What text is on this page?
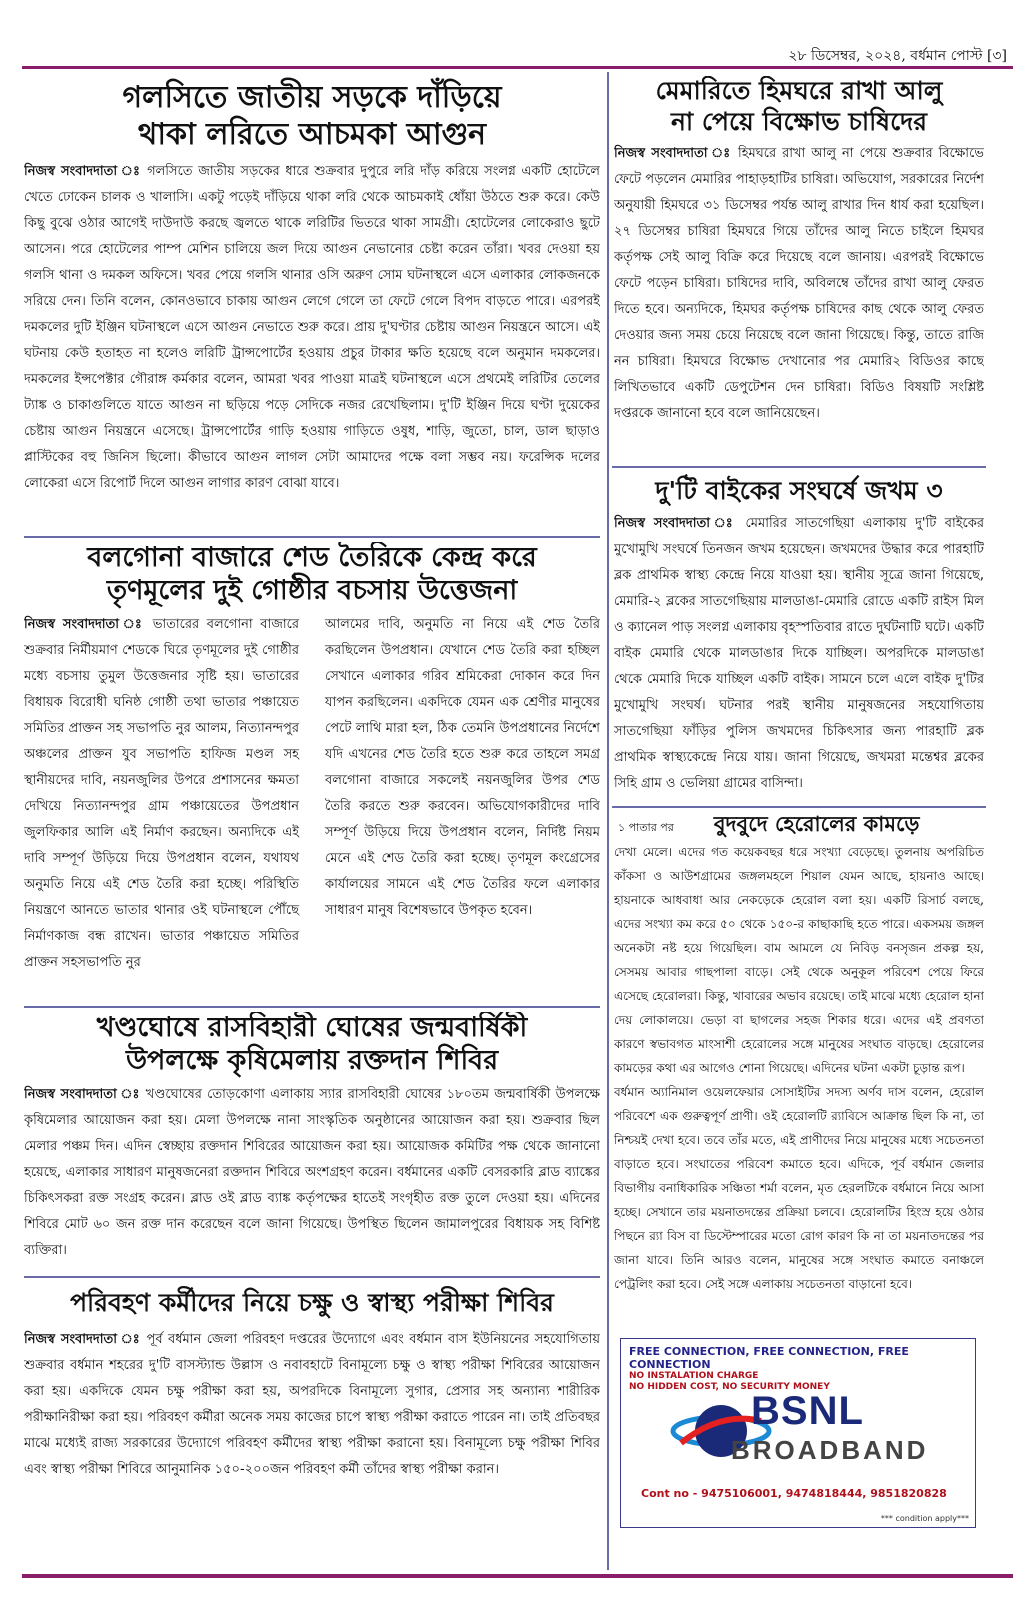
২৮ ডিসেম্বর, ২০২৪, বর্ধমান পোস্ট [৩]
গলসিতে জাতীয় সড়কে দাঁড়িয়ে
থাকা লরিতে আচমকা আগুন
নিজস্ব সংবাদদাতা ঃ গলসিতে জাতীয় সড়কের ধারে শুক্রবার দুপুরে লরি দাঁড় করিয়ে সংলগ্ন একটি হোটেলে খেতে ঢোকেন চালক ও খালাসি। একটু পড়েই দাঁড়িয়ে থাকা লরি থেকে আচমকাই ধোঁয়া উঠতে শুরু করে। কেউ কিছু বুঝে ওঠার আগেই দাউদাউ করছে জ্বলতে থাকে লরিটির ভিতরে থাকা সামগ্রী। হোটেলের লোকেরাও ছুটে আসেন। পরে হোটেলের পাম্প মেশিন চালিয়ে জল দিয়ে আগুন নেভানোর চেষ্টা করেন তাঁরা। খবর দেওয়া হয় গলসি থানা ও দমকল অফিসে। খবর পেয়ে গলসি থানার ওসি অরুণ সোম ঘটনাস্থলে এসে এলাকার লোকজনকে সরিয়ে দেন। তিনি বলেন, কোনওভাবে চাকায় আগুন লেগে গেলে তা ফেটে গেলে বিপদ বাড়তে পারে। এরপরই দমকলের দুটি ইঞ্জিন ঘটনাস্থলে এসে আগুন নেভাতে শুরু করে। প্রায় দু'ঘণ্টার চেষ্টায় আগুন নিয়ন্ত্রনে আসে। এই ঘটনায় কেউ হতাহত না হলেও লরিটি ট্রান্সপোর্টের হওয়ায় প্রচুর টাকার ক্ষতি হয়েছে বলে অনুমান দমকলের। দমকলের ইন্সপেক্টার গৌরাঙ্গ কর্মকার বলেন, আমরা খবর পাওয়া মাত্রই ঘটনাস্থলে এসে প্রথমেই লরিটির তেলের ট্যাঙ্ক ও চাকাগুলিতে যাতে আগুন না ছড়িয়ে পড়ে সেদিকে নজর রেখেছিলাম। দু'টি ইঞ্জিন দিয়ে ঘণ্টা দুয়েকের চেষ্টায় আগুন নিয়ন্ত্রনে এসেছে। ট্রান্সপোর্টের গাড়ি হওয়ায় গাড়িতে ওষুধ, শাড়ি, জুতো, চাল, ডাল ছাড়াও প্লাস্টিকের বহু জিনিস ছিলো। কীভাবে আগুন লাগল সেটা আমাদের পক্ষে বলা সম্ভব নয়। ফরেন্সিক দলের লোকেরা এসে রিপোর্ট দিলে আগুন লাগার কারণ বোঝা যাবে।
বলগোনা বাজারে শেড তৈরিকে কেন্দ্র করে
তৃণমূলের দুই গোষ্ঠীর বচসায় উত্তেজনা
নিজস্ব সংবাদদাতা ঃ ভাতারের বলগোনা বাজারে শুক্রবার নির্মীয়মাণ শেডকে ঘিরে তৃণমূলের দুই গোষ্ঠীর মধ্যে বচসায় তুমুল উত্তেজনার সৃষ্টি হয়। ভাতারের বিধায়ক বিরোধী ঘনিষ্ঠ গোষ্ঠী তথা ভাতার পঞ্চায়েত সমিতির প্রাক্তন সহ সভাপতি নুর আলম, নিত্যানন্দপুর অঞ্চলের প্রাক্তন যুব সভাপতি হাফিজ মণ্ডল সহ স্থানীয়দের দাবি, নয়নজুলির উপরে প্রশাসনের ক্ষমতা দেখিয়ে নিত্যানন্দপুর গ্রাম পঞ্চায়েতের উপপ্রধান জুলফিকার আলি এই নির্মাণ করছেন। অন্যদিকে এই দাবি সম্পূর্ণ উড়িয়ে দিয়ে উপপ্রধান বলেন, যথাযথ অনুমতি নিয়ে এই শেড তৈরি করা হচ্ছে। পরিস্থিতি নিয়ন্ত্রণে আনতে ভাতার থানার ওই ঘটনাস্থলে পৌঁছে নির্মাণকাজ বন্ধ রাখেন। ভাতার পঞ্চায়েত সমিতির প্রাক্তন সহসভাপতি নুর
আলমের দাবি, অনুমতি না নিয়ে এই শেড তৈরি করছিলেন উপপ্রধান। যেখানে শেড তৈরি করা হচ্ছিল সেখানে এলাকার গরিব শ্রমিকেরা দোকান করে দিন যাপন করছিলেন। একদিকে যেমন এক শ্রেণীর মানুষের পেটে লাথি মারা হল, ঠিক তেমনি উপপ্রধানের নির্দেশে যদি এখনের শেড তৈরি হতে শুরু করে তাহলে সমগ্র বলগোনা বাজারে সকলেই নয়নজুলির উপর শেড তৈরি করতে শুরু করবেন। অভিযোগকারীদের দাবি সম্পূর্ণ উড়িয়ে দিয়ে উপপ্রধান বলেন, নির্দিষ্ট নিয়ম মেনে এই শেড তৈরি করা হচ্ছে। তৃণমূল কংগ্রেসের কার্যালয়ের সামনে এই শেড তৈরির ফলে এলাকার সাধারণ মানুষ বিশেষভাবে উপকৃত হবেন।
খণ্ডঘোষে রাসবিহারী ঘোষের জন্মবার্ষিকী
উপলক্ষে কৃষিমেলায় রক্তদান শিবির
নিজস্ব সংবাদদাতা ঃ খণ্ডঘোষের তোড়কোণা এলাকায় স্যার রাসবিহারী ঘোষের ১৮০তম জন্মবার্ষিকী উপলক্ষে কৃষিমেলার আয়োজন করা হয়। মেলা উপলক্ষে নানা সাংস্কৃতিক অনুষ্ঠানের আয়োজন করা হয়। শুক্রবার ছিল মেলার পঞ্চম দিন। এদিন স্বেচ্ছায় রক্তদান শিবিরের আয়োজন করা হয়। আয়োজক কমিটির পক্ষ থেকে জানানো হয়েছে, এলাকার সাধারণ মানুষজনেরা রক্তদান শিবিরে অংশগ্রহণ করেন। বর্ধমানের একটি বেসরকারি ব্লাড ব্যাঙ্কের চিকিৎসকরা রক্ত সংগ্রহ করেন। ব্লাড ওই ব্লাড ব্যাঙ্ক কর্তৃপক্ষের হাতেই সংগৃহীত রক্ত তুলে দেওয়া হয়। এদিনের শিবিরে মোট ৬০ জন রক্ত দান করেছেন বলে জানা গিয়েছে। উপস্থিত ছিলেন জামালপুরের বিধায়ক সহ বিশিষ্ট ব্যক্তিরা।
পরিবহণ কর্মীদের নিয়ে চক্ষু ও স্বাস্থ্য পরীক্ষা শিবির
নিজস্ব সংবাদদাতা ঃ পূর্ব বর্ধমান জেলা পরিবহণ দপ্তরের উদ্যোগে এবং বর্ধমান বাস ইউনিয়নের সহযোগিতায় শুক্রবার বর্ধমান শহরের দু'টি বাসস্ট্যান্ড উল্লাস ও নবাবহাটে বিনামূল্যে চক্ষু ও স্বাস্থ্য পরীক্ষা শিবিরের আয়োজন করা হয়। একদিকে যেমন চক্ষু পরীক্ষা করা হয়, অপরদিকে বিনামূল্যে সুগার, প্রেসার সহ অন্যান্য শারীরিক পরীক্ষানিরীক্ষা করা হয়। পরিবহণ কর্মীরা অনেক সময় কাজের চাপে স্বাস্থ্য পরীক্ষা করাতে পারেন না। তাই প্রতিবছর মাঝে মধ্যেই রাজ্য সরকারের উদ্যোগে পরিবহণ কর্মীদের স্বাস্থ্য পরীক্ষা করানো হয়। বিনামূল্যে চক্ষু পরীক্ষা শিবির এবং স্বাস্থ্য পরীক্ষা শিবিরে আনুমানিক ১৫০-২০০জন পরিবহণ কর্মী তাঁদের স্বাস্থ্য পরীক্ষা করান।
মেমারিতে হিমঘরে রাখা আলু
না পেয়ে বিক্ষোভ চাষিদের
নিজস্ব সংবাদদাতা ঃ হিমঘরে রাখা আলু না পেয়ে শুক্রবার বিক্ষোভে ফেটে পড়লেন মেমারির পাহাড়হাটির চাষিরা। অভিযোগ, সরকারের নির্দেশ অনুযায়ী হিমঘরে ৩১ ডিসেম্বর পর্যন্ত আলু রাখার দিন ধার্য করা হয়েছিল। ২৭ ডিসেম্বর চাষিরা হিমঘরে গিয়ে তাঁদের আলু নিতে চাইলে হিমঘর কর্তৃপক্ষ সেই আলু বিক্রি করে দিয়েছে বলে জানায়। এরপরই বিক্ষোভে ফেটে পড়েন চাষিরা। চাষিদের দাবি, অবিলম্বে তাঁদের রাখা আলু ফেরত দিতে হবে। অন্যদিকে, হিমঘর কর্তৃপক্ষ চাষিদের কাছ থেকে আলু ফেরত দেওয়ার জন্য সময় চেয়ে নিয়েছে বলে জানা গিয়েছে। কিন্তু, তাতে রাজি নন চাষিরা। হিমঘরে বিক্ষোভ দেখানোর পর মেমারি২ বিডিওর কাছে লিখিতভাবে একটি ডেপুটেশন দেন চাষিরা। বিডিও বিষয়টি সংশ্লিষ্ট দপ্তরকে জানানো হবে বলে জানিয়েছেন।
দু'টি বাইকের সংঘর্ষে জখম ৩
নিজস্ব সংবাদদাতা ঃ মেমারির সাতগেছিয়া এলাকায় দু'টি বাইকের মুখোমুখি সংঘর্ষে তিনজন জখম হয়েছেন। জখমদের উদ্ধার করে পারহাটি ব্লক প্রাথমিক স্বাস্থ্য কেন্দ্রে নিয়ে যাওয়া হয়। স্থানীয় সূত্রে জানা গিয়েছে, মেমারি-২ ব্লকের সাতগেছিয়ায় মালডাঙা-মেমারি রোডে একটি রাইস মিল ও ক্যানেল পাড় সংলগ্ন এলাকায় বৃহস্পতিবার রাতে দুর্ঘটনাটি ঘটে। একটি বাইক মেমারি থেকে মালডাঙার দিকে যাচ্ছিল। অপরদিকে মালডাঙা থেকে মেমারি দিকে যাচ্ছিল একটি বাইক। সামনে চলে এলে বাইক দু'টির মুখোমুখি সংঘর্ষ। ঘটনার পরই স্থানীয় মানুষজনের সহযোগিতায় সাতগেছিয়া ফাঁড়ির পুলিস জখমদের চিকিৎসার জন্য পারহাটি ব্লক প্রাথমিক স্বাস্থ্যকেন্দ্রে নিয়ে যায়। জানা গিয়েছে, জখমরা মন্তেশ্বর ব্লকের সিহি গ্রাম ও ভেলিয়া গ্রামের বাসিন্দা।
১ পাতার পর বুদবুদে হেরোলের কামড়ে
দেখা মেলে। এদের গত কয়েকবছর ধরে সংখ্যা বেড়েছে। তুলনায় অপরিচিত কাঁকসা ও আউশগ্রামের জঙ্গলমহলে শিয়াল যেমন আছে, হায়নাও আছে। হায়নাকে আধবাধা আর নেকড়েকে হেরোল বলা হয়। একটি রিসার্চ বলছে, এদের সংখ্যা কম করে ৫০ থেকে ১৫০-র কাছাকাছি হতে পারে। একসময় জঙ্গল অনেকটা নষ্ট হয়ে গিয়েছিল। বাম আমলে যে নিবিড় বনসৃজন প্রকল্প হয়, সেসময় আবার গাছপালা বাড়ে। সেই থেকে অনুকূল পরিবেশ পেয়ে ফিরে এসেছে হেরোলরা। কিন্তু, খাবারের অভাব রয়েছে। তাই মাঝে মধ্যে হেরোল হানা দেয় লোকালয়ে। ভেড়া বা ছাগলের সহজ শিকার ধরে। এদের এই প্রবণতা কারণে স্বভাবগত মাংসাশী হেরোলের সঙ্গে মানুষের সংঘাত বাড়ছে। হেরোলের কামড়ের কথা এর আগেও শোনা গিয়েছে। এদিনের ঘটনা একটা চূড়ান্ত রূপ।
বর্ধমান অ্যানিমাল ওয়েলফেয়ার সোসাইটির সদস্য অর্ণব দাস বলেন, হেরোল পরিবেশে এক গুরুত্বপূর্ণ প্রাণী। ওই হেরোলটি র‍্যাবিসে আক্রান্ত ছিল কি না, তা নিশ্চয়ই দেখা হবে। তবে তাঁর মতে, এই প্রাণীদের নিয়ে মানুষের মধ্যে সচেতনতা বাড়াতে হবে। সংঘাতের পরিবেশ কমাতে হবে। এদিকে, পূর্ব বর্ধমান জেলার বিভাগীয় বনাধিকারিক সঞ্চিতা শর্মা বলেন, মৃত হেরলটিকে বর্ধমানে নিয়ে আসা হচ্ছে। সেখানে তার ময়নাতদন্তের প্রক্রিয়া চলবে। হেরোলটির হিংস্র হয়ে ওঠার পিছনে র‍্যা বিস বা ডিস্টেম্পারের মতো রোগ কারণ কি না তা ময়নাতদন্তের পর জানা যাবে। তিনি আরও বলেন, মানুষের সঙ্গে সংঘাত কমাতে বনাঞ্চলে পেট্রলিং করা হবে। সেই সঙ্গে এলাকায় সচেতনতা বাড়ানো হবে।
FREE CONNECTION, FREE CONNECTION, FREE CONNECTION
NO INSTALATION CHARGE
NO HIDDEN COST, NO SECURITY MONEY
BSNL
BROADBAND
Cont no - 9475106001, 9474818444, 9851820828
*** condition apply***
